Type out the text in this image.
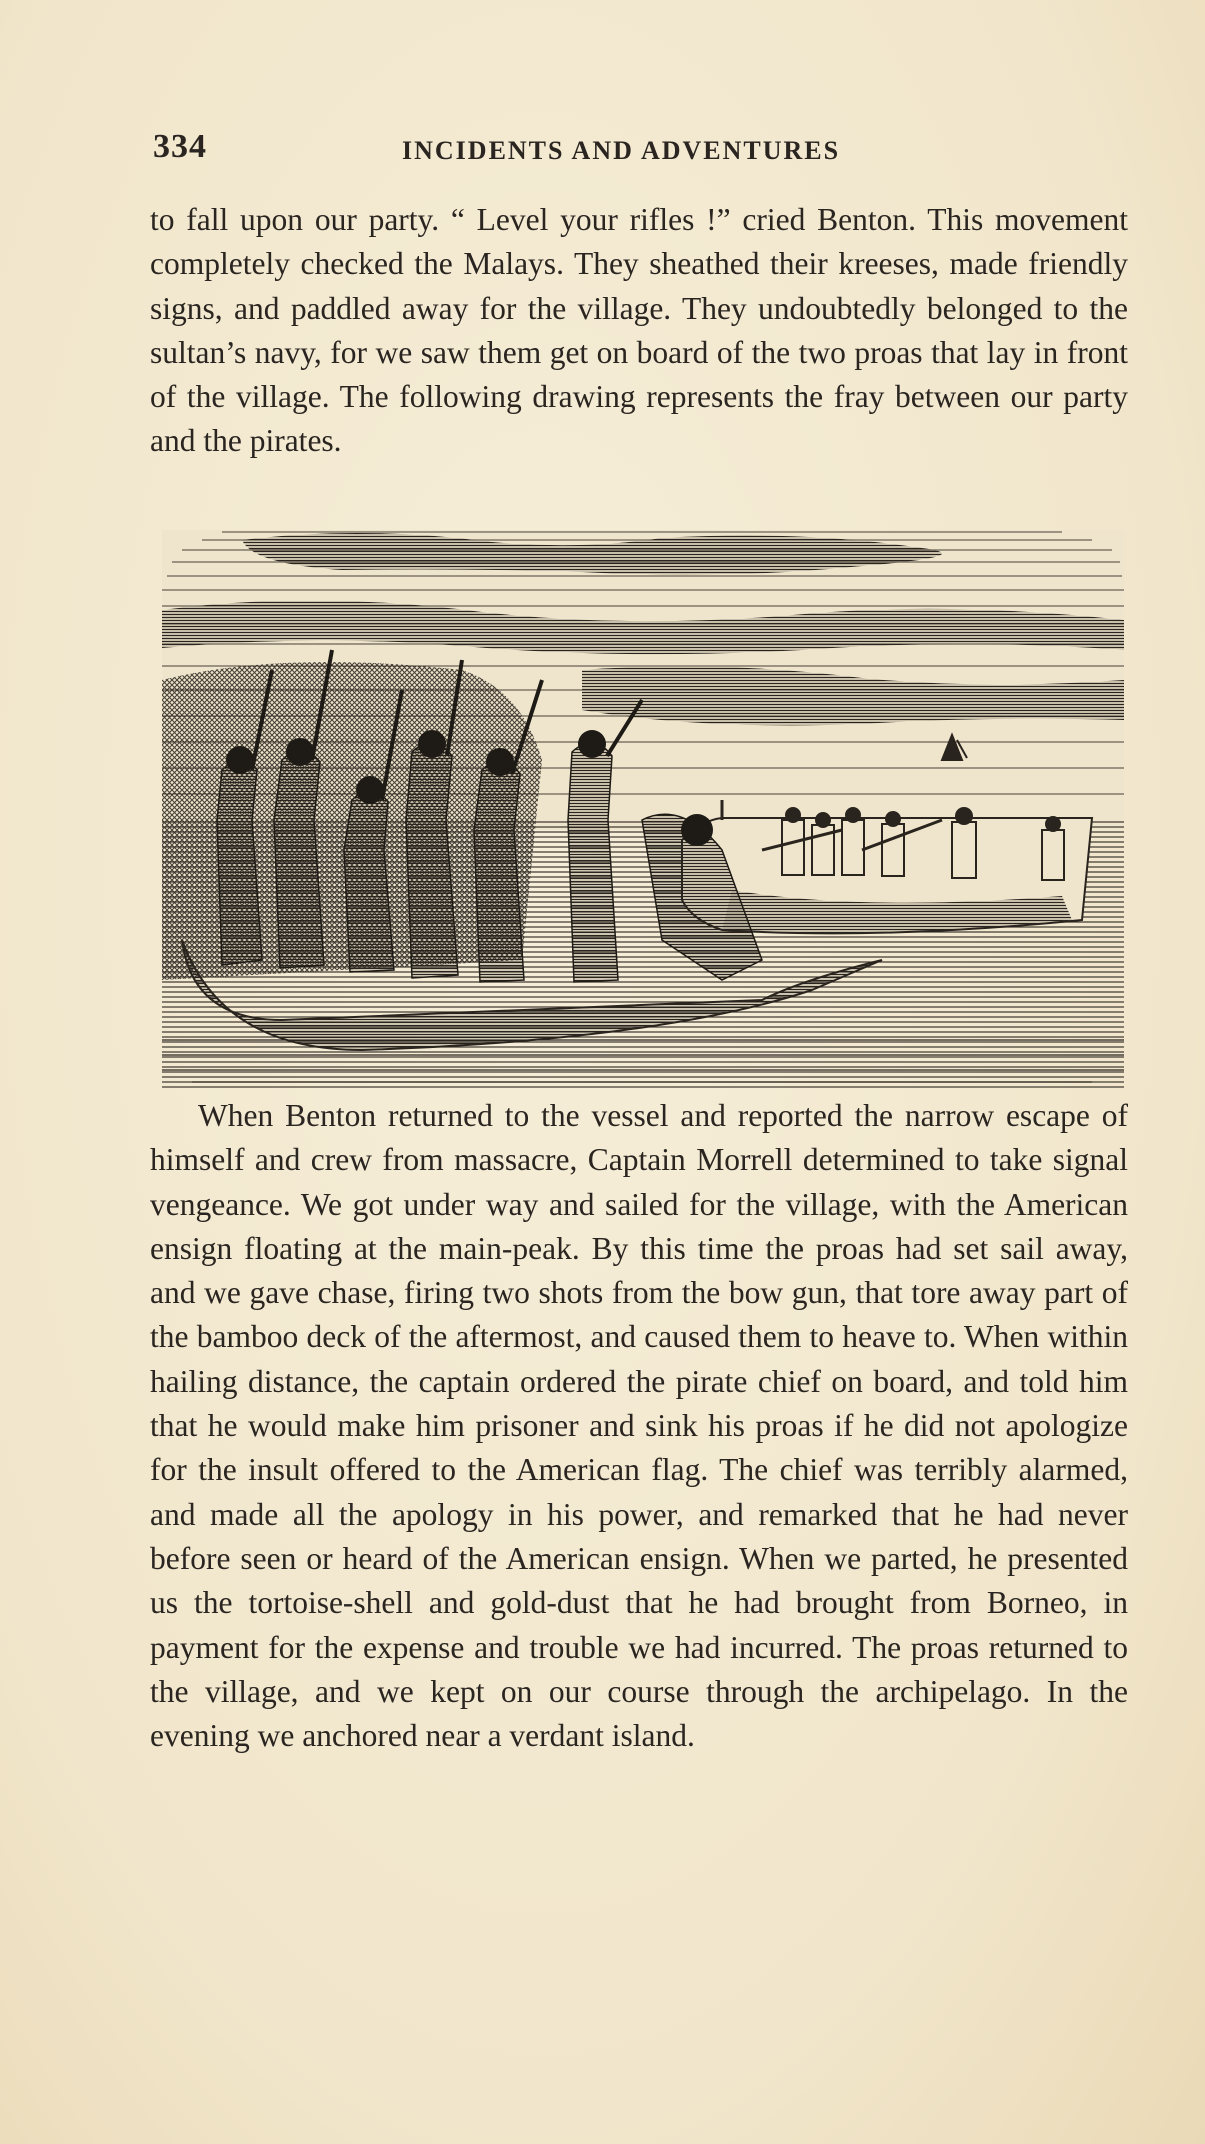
334	INCIDENTS AND ADVENTURES

to fall upon our party. “ Level your rifles !” cried Benton. This movement completely checked the Malays. They sheathed their kreeses, made friendly signs, and paddled away for the village. They undoubtedly belonged to the sultan’s navy, for we saw them get on board of the two proas that lay in front of the village. The following drawing represents the fray between our party and the pirates.

When Benton returned to the vessel and reported the narrow escape of himself and crew from massacre, Captain Morrell determined to take signal vengeance. We got under way and sailed for the village, with the American ensign floating at the main-peak. By this time the proas had set sail away, and we gave chase, firing two shots from the bow gun, that tore away part of the bamboo deck of the aftermost, and caused them to heave to. When within hailing distance, the captain ordered the pirate chief on board, and told him that he would make him prisoner and sink his proas if he did not apologize for the insult offered to the American flag. The chief was terribly alarmed, and made all the apology in his power, and remarked that he had never before seen or heard of the American ensign. When we parted, he presented us the tortoise-shell and gold-dust that he had brought from Borneo, in payment for the expense and trouble we had incurred. The proas returned to the village, and we kept on our course through the archipelago. In the evening we anchored near a verdant island.
